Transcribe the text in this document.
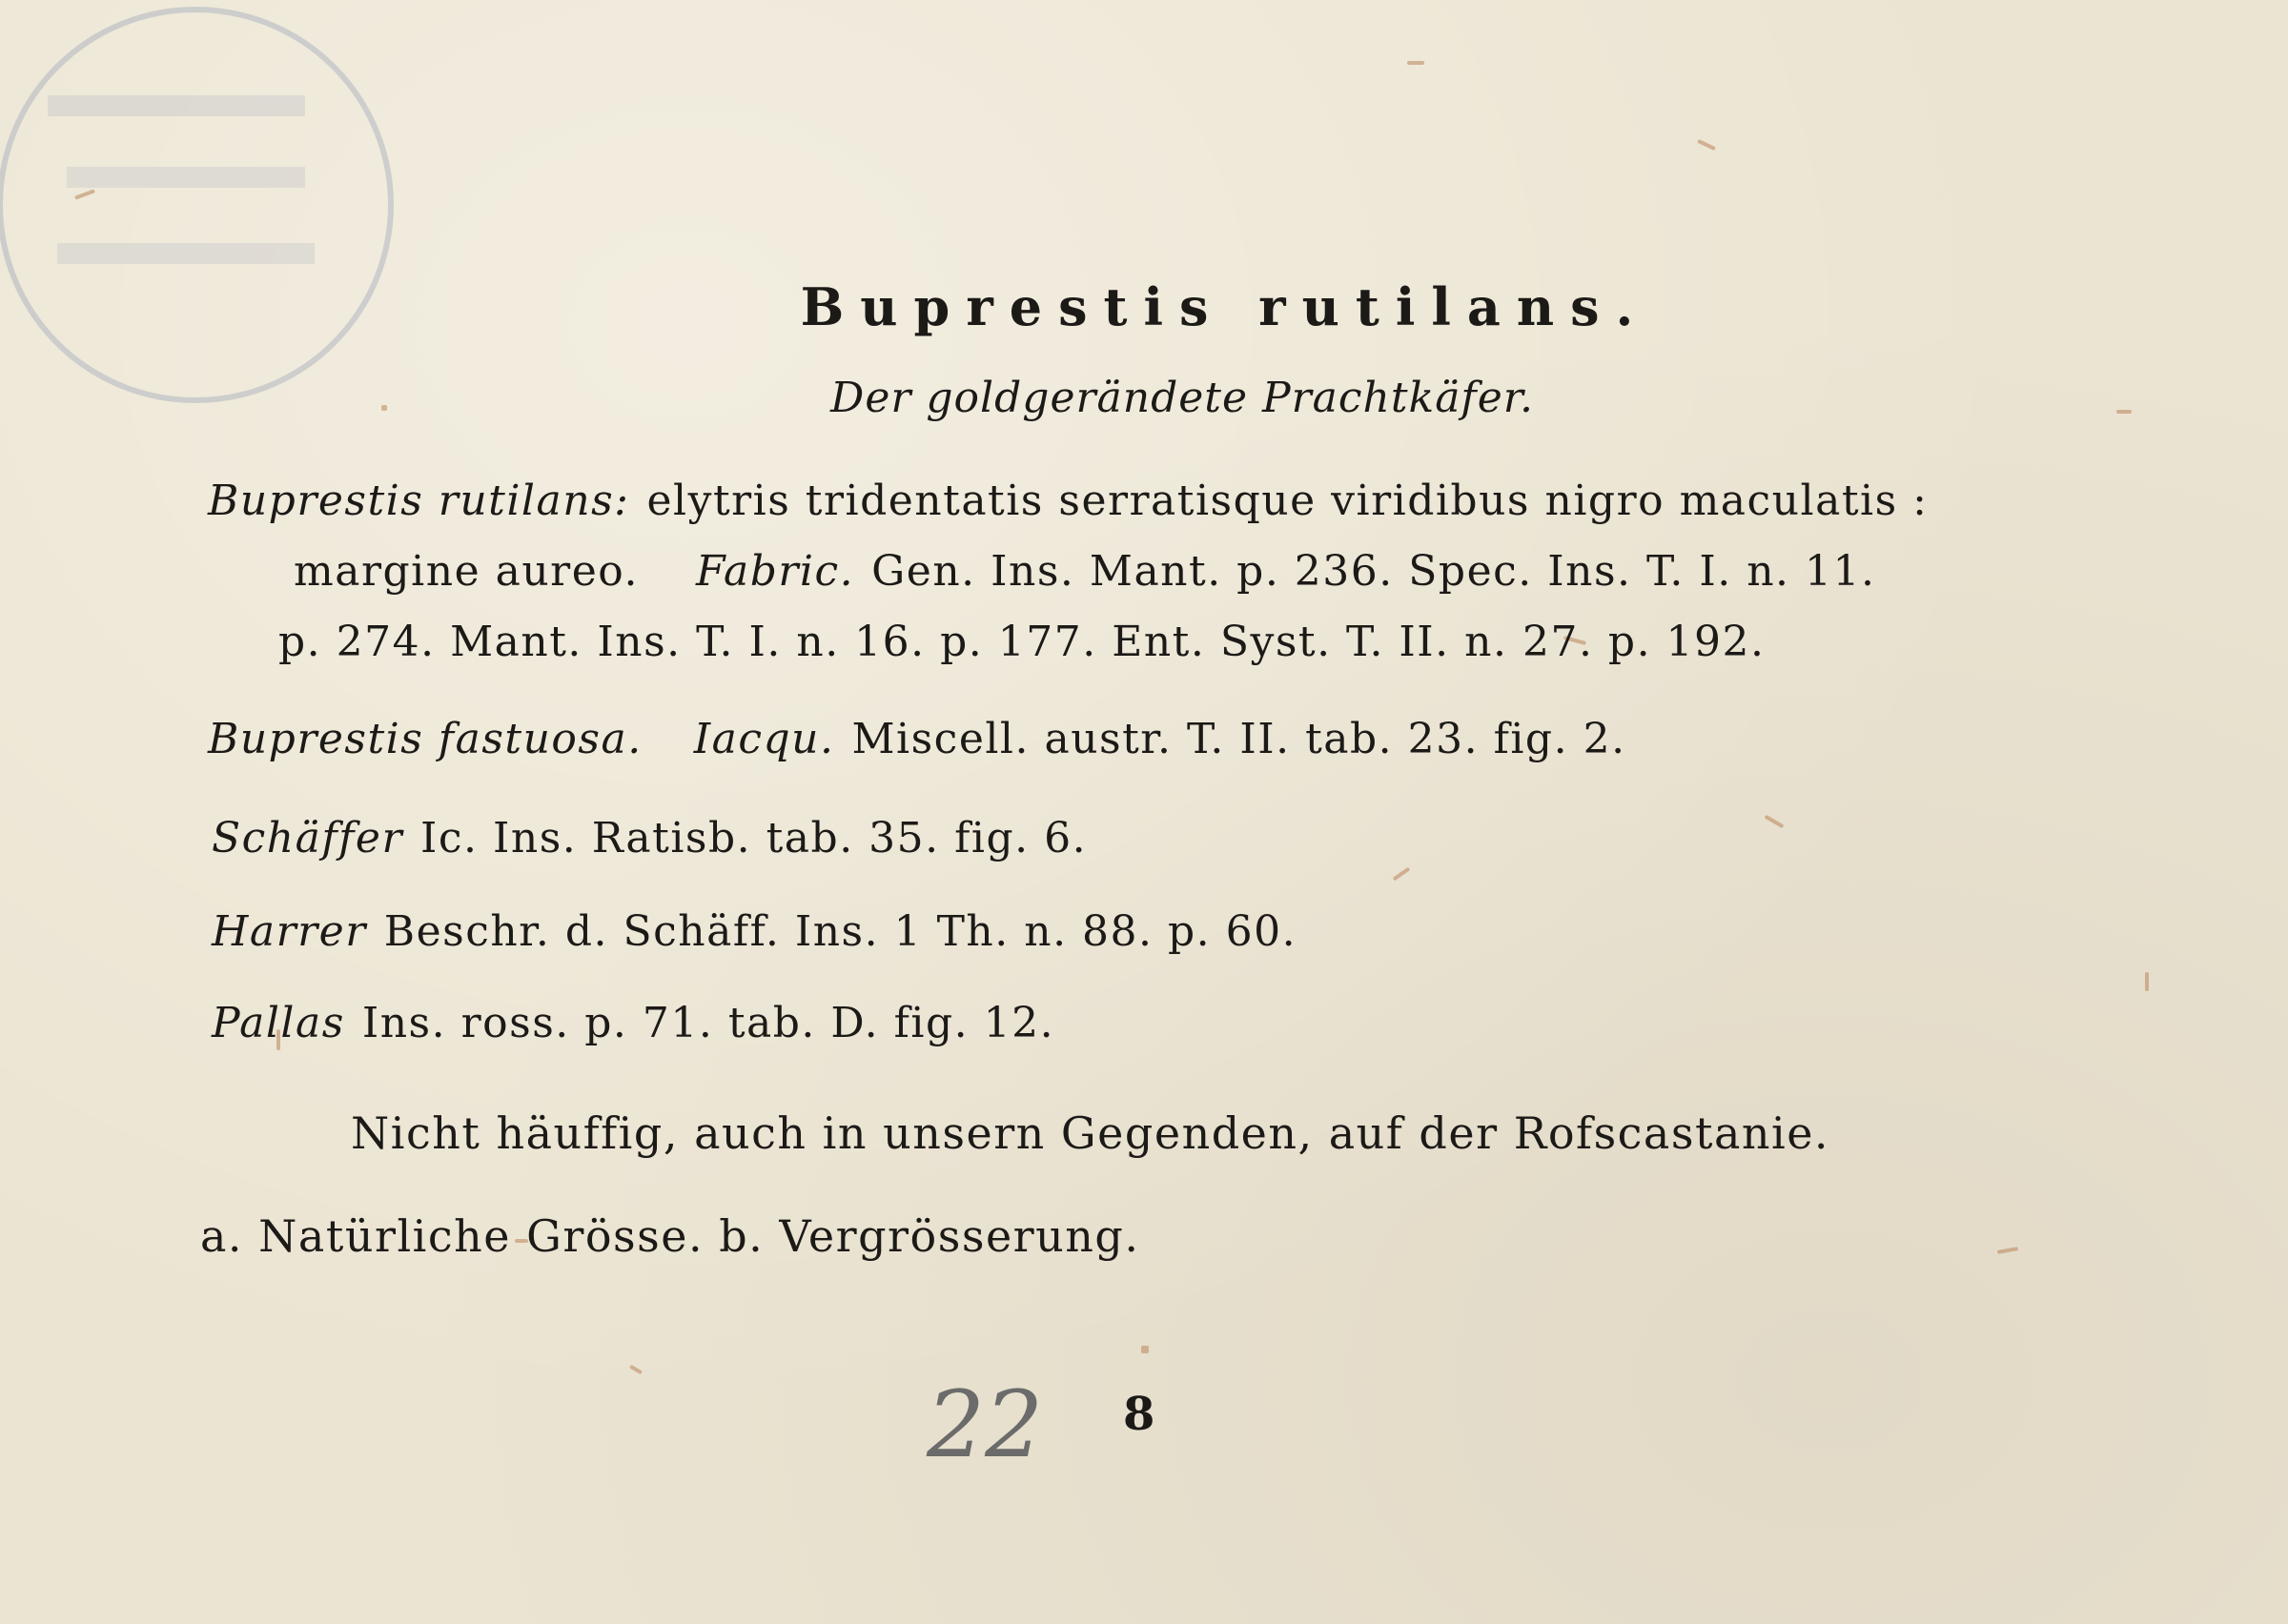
Buprestis rutilans.
Der goldgerändete Prachtkäfer.
Buprestis rutilans: elytris tridentatis serratisque viridibus nigro maculatis :
margine aureo. Fabric. Gen. Ins. Mant. p. 236. Spec. Ins. T. I. n. 11.
p. 274. Mant. Ins. T. I. n. 16. p. 177. Ent. Syst. T. II. n. 27. p. 192.
Buprestis fastuosa. Iacqu. Miscell. austr. T. II. tab. 23. fig. 2.
Schäffer Ic. Ins. Ratisb. tab. 35. fig. 6.
Harrer Beschr. d. Schäff. Ins. 1 Th. n. 88. p. 60.
Pallas Ins. ross. p. 71. tab. D. fig. 12.
Nicht häuffig, auch in unsern Gegenden, auf der Rofscastanie.
a. Natürliche Grösse. b. Vergrösserung.
22 8
